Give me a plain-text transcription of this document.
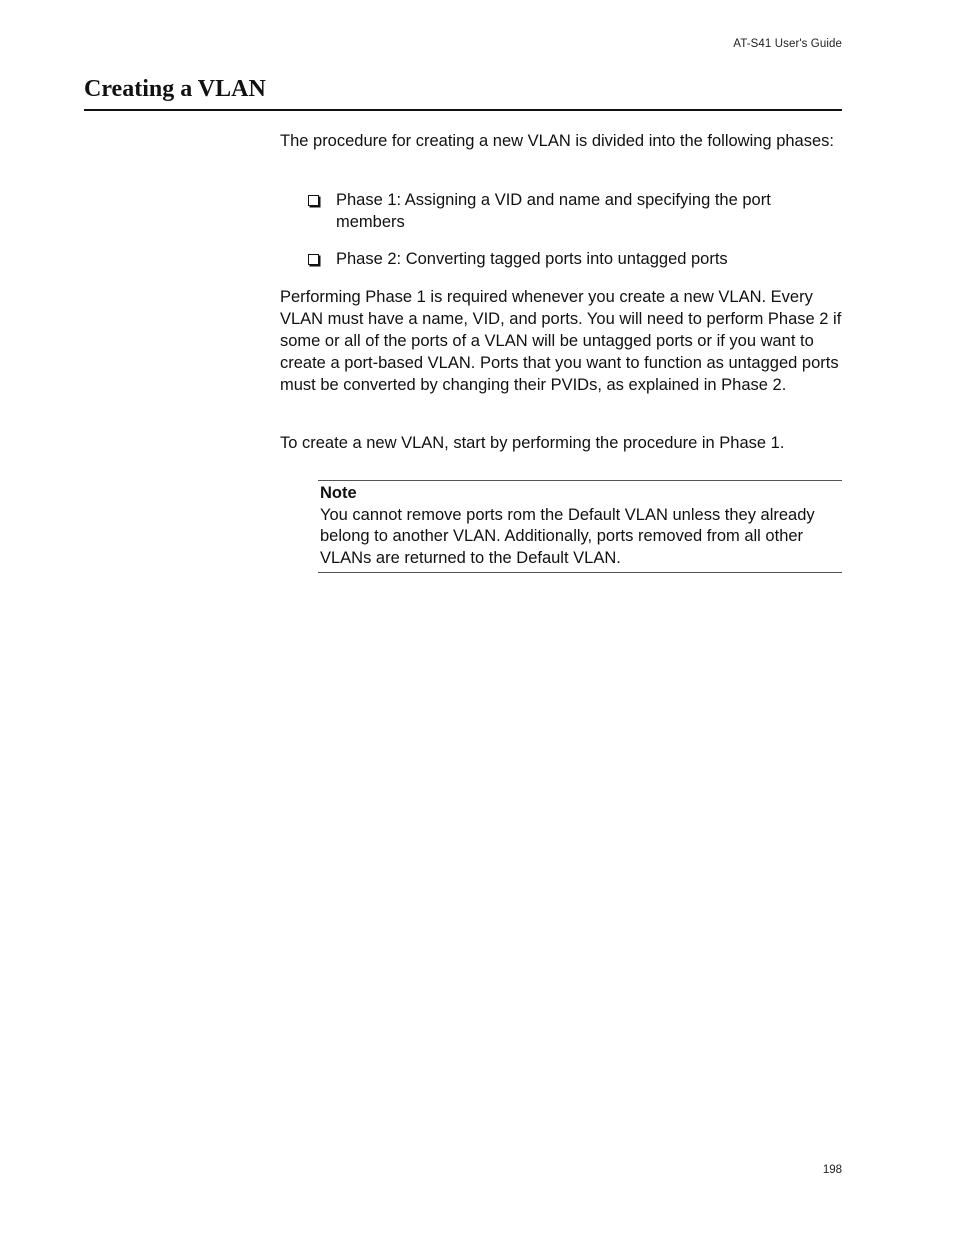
AT-S41 User's Guide
Creating a VLAN

The procedure for creating a new VLAN is divided into the following phases:

Phase 1: Assigning a VID and name and specifying the port members
Phase 2: Converting tagged ports into untagged ports

Performing Phase 1 is required whenever you create a new VLAN. Every VLAN must have a name, VID, and ports. You will need to perform Phase 2 if some or all of the ports of a VLAN will be untagged ports or if you want to create a port-based VLAN. Ports that you want to function as untagged ports must be converted by changing their PVIDs, as explained in Phase 2.

To create a new VLAN, start by performing the procedure in Phase 1.

Note
You cannot remove ports rom the Default VLAN unless they already belong to another VLAN. Additionally, ports removed from all other VLANs are returned to the Default VLAN.
198
